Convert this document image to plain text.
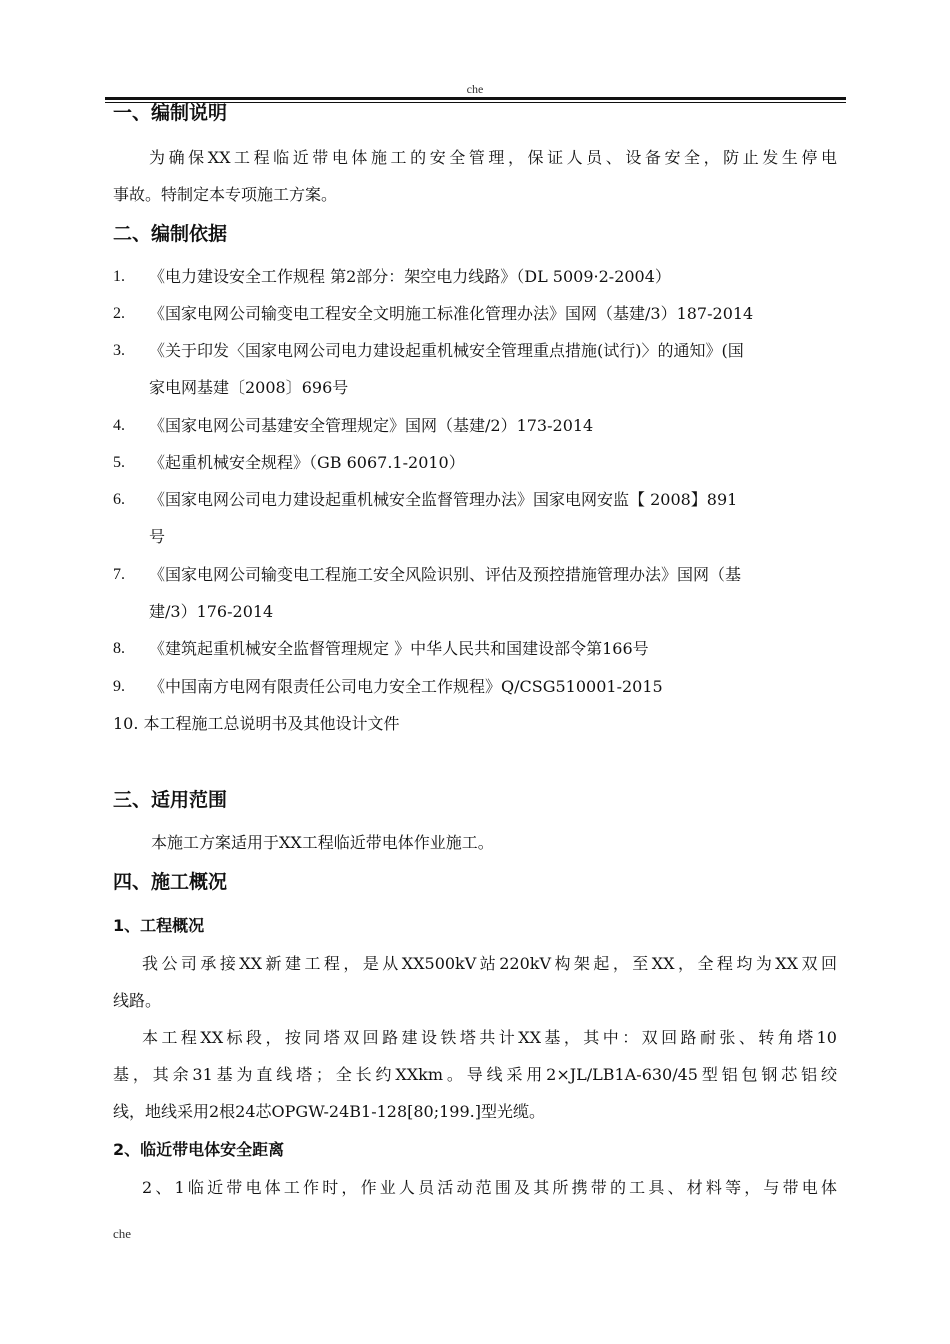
che
一、编制说明
为确保XX工程临近带电体施工的安全管理，保证人员、设备安全，防止发生停电
事故。特制定本专项施工方案。
二、编制依据
1. 《电力建设安全工作规程 第2部分：架空电力线路》（DL 5009·2-2004）
2. 《国家电网公司输变电工程安全文明施工标准化管理办法》国网（基建/3）187-2014
3. 《关于印发〈国家电网公司电力建设起重机械安全管理重点措施(试行)〉的通知》(国
家电网基建〔2008〕696号
4. 《国家电网公司基建安全管理规定》国网（基建/2）173-2014
5. 《起重机械安全规程》（GB 6067.1-2010）
6. 《国家电网公司电力建设起重机械安全监督管理办法》国家电网安监【 2008】891
号
7. 《国家电网公司输变电工程施工安全风险识别、评估及预控措施管理办法》国网（基
建/3）176-2014
8. 《建筑起重机械安全监督管理规定 》中华人民共和国建设部令第166号
9. 《中国南方电网有限责任公司电力安全工作规程》Q/CSG510001-2015
10. 本工程施工总说明书及其他设计文件
三、适用范围
本施工方案适用于XX工程临近带电体作业施工。
四、施工概况
1、工程概况
我公司承接XX新建工程，是从XX500kV站220kV构架起，至XX，全程均为XX双回
线路。
本工程XX标段，按同塔双回路建设铁塔共计XX基，其中：双回路耐张、转角塔10
基，其余31基为直线塔；全长约XXkm。导线采用2×JL/LB1A-630/45型铝包钢芯铝绞
线，地线采用2根24芯OPGW-24B1-128[80;199.]型光缆。
2、临近带电体安全距离
2、1临近带电体工作时，作业人员活动范围及其所携带的工具、材料等，与带电体
che
